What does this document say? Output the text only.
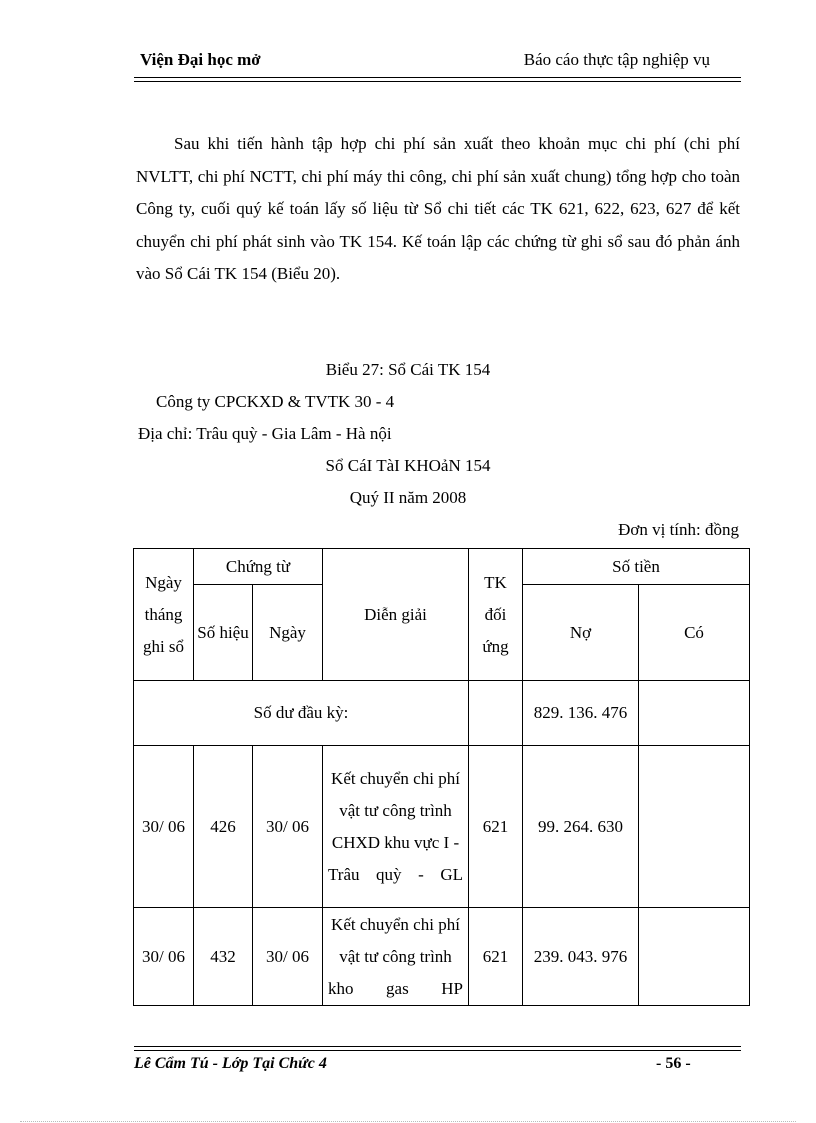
Viện Đại học mở	Báo cáo thực tập nghiệp vụ

Sau khi tiến hành tập hợp chi phí sản xuất theo khoản mục chi phí (chi phí NVLTT, chi phí NCTT, chi phí máy thi công, chi phí sản xuất chung) tổng hợp cho toàn Công ty, cuối quý kế toán lấy số liệu từ Sổ chi tiết các TK 621, 622, 623, 627 để kết chuyển chi phí phát sinh vào TK 154. Kế toán lập các chứng từ ghi sổ sau đó phản ánh vào Sổ Cái TK 154 (Biểu 20).

Biểu 27: Sổ Cái TK 154
Công ty CPCKXD & TVTK 30 - 4
Địa chỉ: Trâu quỳ - Gia Lâm - Hà nội
Sổ CáI TàI KHOảN 154
Quý II năm 2008
Đơn vị tính: đồng
Ngày tháng ghi sổ	Chứng từ		Diễn giải	TK đối ứng	Số tiền	
	Số hiệu	Ngày			Nợ	Có
Số dư đầu kỳ:					829. 136. 476	
30/ 06	426	30/ 06	Kết chuyển chi phí vật tư công trình CHXD khu vực I - Trâu quỳ - GL	621	99. 264. 630	
30/ 06	432	30/ 06	Kết chuyển chi phí vật tư công trình kho gas HP	621	239. 043. 976	
Lê Cẩm Tú - Lớp Tại Chức 4	- 56 -
